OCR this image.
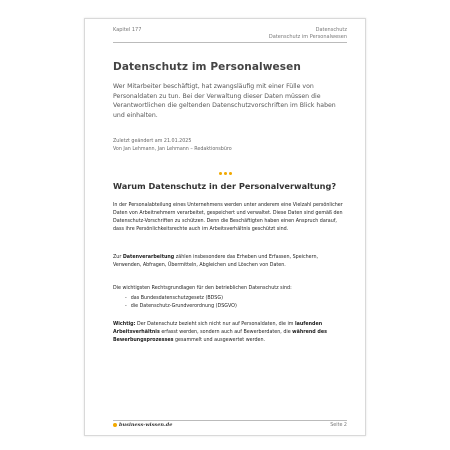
Kapitel 177	Datenschutz
Datenschutz im Personalwesen
Datenschutz im Personalwesen

Wer Mitarbeiter beschäftigt, hat zwangsläufig mit einer Fülle von Personaldaten zu tun. Bei der Verwaltung dieser Daten müssen die Verantwortlichen die geltenden Datenschutzvorschriften im Blick haben und einhalten.

Zuletzt geändert am 21.01.2025
Von Jan Lehmann, Jan Lehmann – Redaktionsbüro
Warum Datenschutz in der Personalverwaltung?

In der Personalabteilung eines Unternehmens werden unter anderem eine Vielzahl persönlicher Daten von Arbeitnehmern verarbeitet, gespeichert und verwaltet. Diese Daten sind gemäß den Datenschutz-Vorschriften zu schützen. Denn die Beschäftigten haben einen Anspruch darauf, dass ihre Persönlichkeitsrechte auch im Arbeitsverhältnis geschützt sind.

Zur Datenverarbeitung zählen insbesondere das Erheben und Erfassen, Speichern, Verwenden, Abfragen, Übermitteln, Abgleichen und Löschen von Daten.

Die wichtigsten Rechtsgrundlagen für den betrieblichen Datenschutz sind:

- das Bundesdatenschutzgesetz (BDSG)
- die Datenschutz-Grundverordnung (DSGVO)

Wichtig: Der Datenschutz bezieht sich nicht nur auf Personaldaten, die im laufenden Arbeitsverhältnis erfasst werden, sondern auch auf Bewerberdaten, die während des Bewerbungsprozesses gesammelt und ausgewertet werden.

business-wissen.de	Seite 2
